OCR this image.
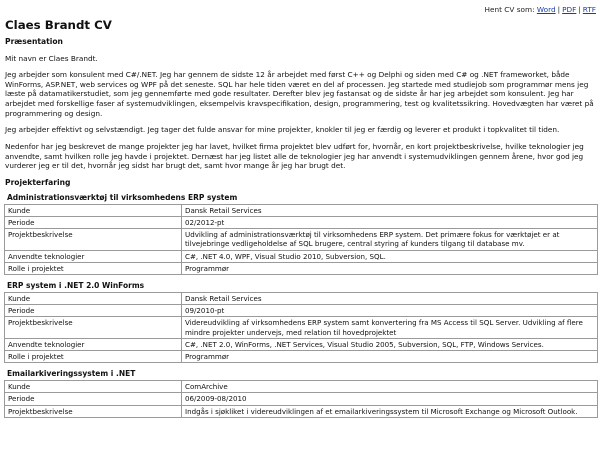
Hent CV som: Word | PDF | RTF
Claes Brandt CV
Præsentation

Mit navn er Claes Brandt.

Jeg arbejder som konsulent med C#/.NET. Jeg har gennem de sidste 12 år arbejdet med først C++ og Delphi og siden med C# og .NET frameworket, både WinForms, ASP.NET, web services og WPF på det seneste. SQL har hele tiden været en del af processen. Jeg startede med studiejob som programmør mens jeg læste på datamatikerstudiet, som jeg gennemførte med gode resultater. Derefter blev jeg fastansat og de sidste år har jeg arbejdet som konsulent. Jeg har arbejdet med forskellige faser af systemudviklingen, eksempelvis kravspecifikation, design, programmering, test og kvalitetssikring. Hovedvægten har været på programmering og design.

Jeg arbejder effektivt og selvstændigt. Jeg tager det fulde ansvar for mine projekter, knokler til jeg er færdig og leverer et produkt i topkvalitet til tiden.

Nedenfor har jeg beskrevet de mange projekter jeg har lavet, hvilket firma projektet blev udført for, hvornår, en kort projektbeskrivelse, hvilke teknologier jeg anvendte, samt hvilken rolle jeg havde i projektet. Dernæst har jeg listet alle de teknologier jeg har anvendt i systemudviklingen gennem årene, hvor god jeg vurderer jeg er til det, hvornår jeg sidst har brugt det, samt hvor mange år jeg har brugt det.

Projekterfaring
Administrationsværktøj til virksomhedens ERP system
Kunde	Dansk Retail Services
Periode	02/2012-pt
Projektbeskrivelse	Udvikling af administrationsværktøj til virksomhedens ERP system. Det primære fokus for værktøjet er at tilvejebringe vedligeholdelse af SQL brugere, central styring af kunders tilgang til database mv.
Anvendte teknologier	C#, .NET 4.0, WPF, Visual Studio 2010, Subversion, SQL.
Rolle i projektet	Programmør
ERP system i .NET 2.0 WinForms
Kunde	Dansk Retail Services
Periode	09/2010-pt
Projektbeskrivelse	Videreudvikling af virksomhedens ERP system samt konvertering fra MS Access til SQL Server. Udvikling af flere mindre projekter undervejs, med relation til hovedprojektet
Anvendte teknologier	C#, .NET 2.0, WinForms, .NET Services, Visual Studio 2005, Subversion, SQL, FTP, Windows Services.
Rolle i projektet	Programmør
Emailarkiveringssystem i .NET
Kunde	ComArchive
Periode	06/2009-08/2010
Projektbeskrivelse	Indgås i sjøkliket i videreudviklingen af et emailarkiveringssystem til Microsoft Exchange og Microsoft Outlook.
